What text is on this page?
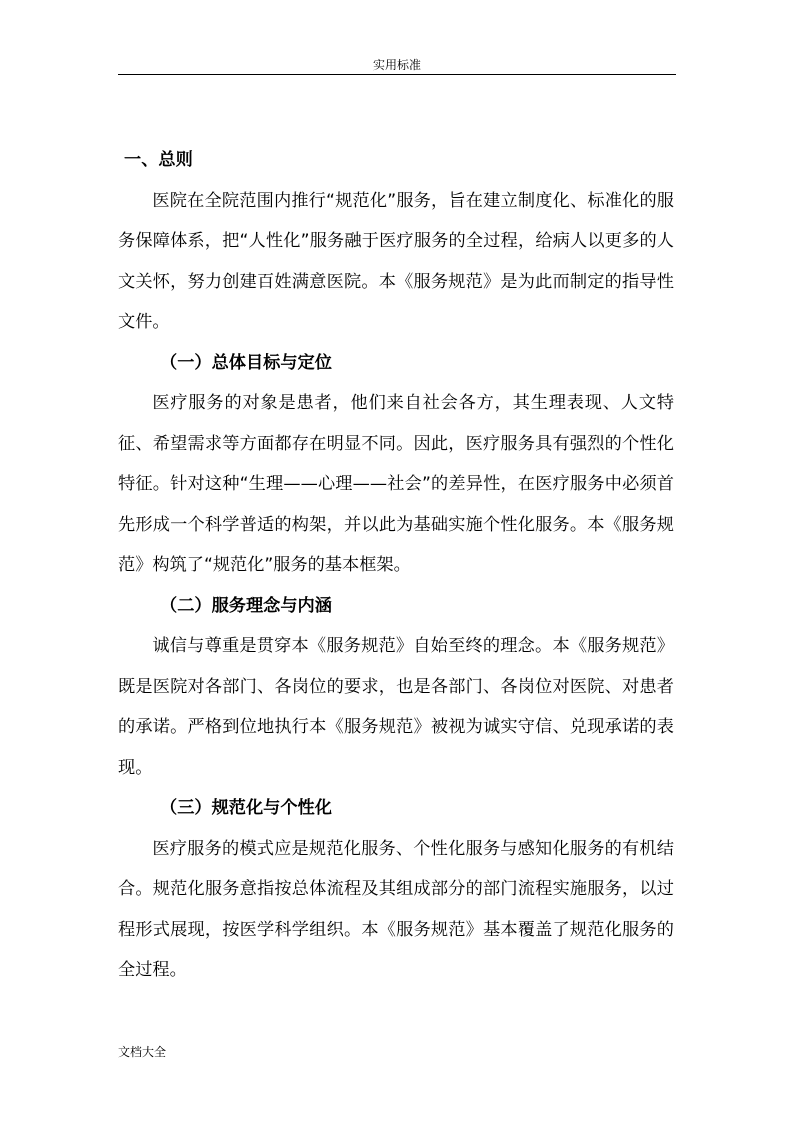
实用标准

一、总则

医院在全院范围内推行“规范化”服务，旨在建立制度化、标准化的服务保障体系，把“人性化”服务融于医疗服务的全过程，给病人以更多的人文关怀，努力创建百姓满意医院。本《服务规范》是为此而制定的指导性文件。

（一）总体目标与定位

医疗服务的对象是患者，他们来自社会各方，其生理表现、人文特征、希望需求等方面都存在明显不同。因此，医疗服务具有强烈的个性化特征。针对这种“生理——心理——社会”的差异性，在医疗服务中必须首先形成一个科学普适的构架，并以此为基础实施个性化服务。本《服务规范》构筑了“规范化”服务的基本框架。

（二）服务理念与内涵

诚信与尊重是贯穿本《服务规范》自始至终的理念。本《服务规范》既是医院对各部门、各岗位的要求，也是各部门、各岗位对医院、对患者的承诺。严格到位地执行本《服务规范》被视为诚实守信、兑现承诺的表现。

（三）规范化与个性化

医疗服务的模式应是规范化服务、个性化服务与感知化服务的有机结合。规范化服务意指按总体流程及其组成部分的部门流程实施服务，以过程形式展现，按医学科学组织。本《服务规范》基本覆盖了规范化服务的全过程。

文档大全
